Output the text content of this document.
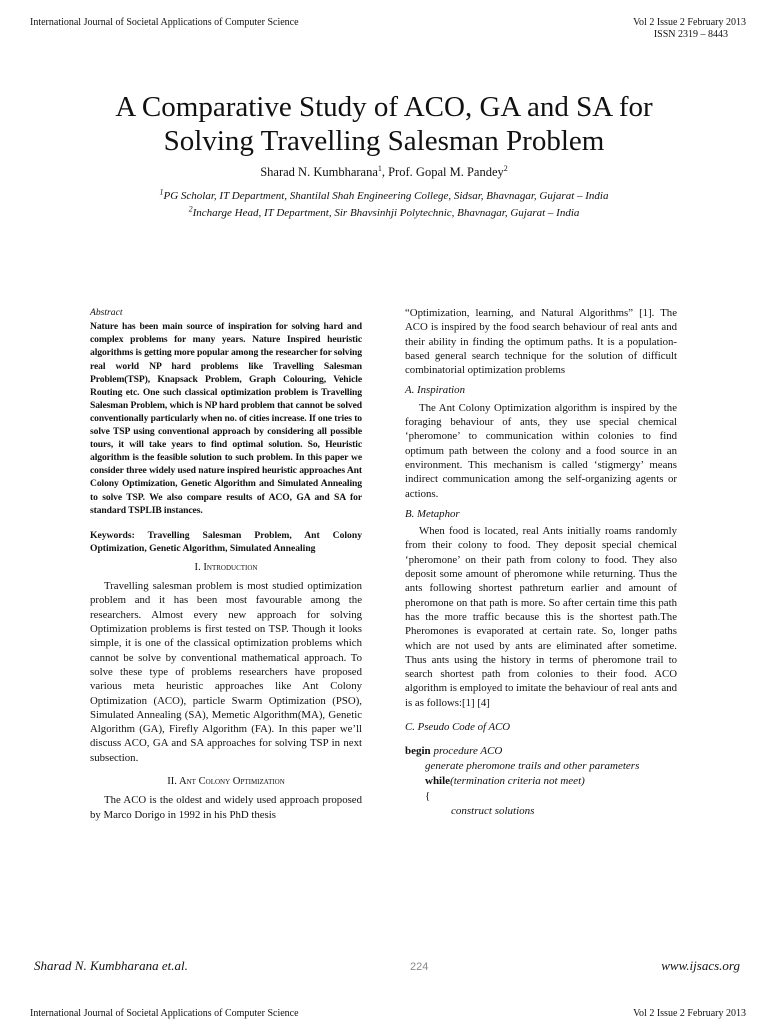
International Journal of Societal Applications of Computer Science	Vol 2 Issue 2 February 2013
ISSN 2319 – 8443
A Comparative Study of ACO, GA and SA for
Solving Travelling Salesman Problem
Sharad N. Kumbharana$^1$, Prof. Gopal M. Pandey$^2$
$^1$PG Scholar, IT Department, Shantilal Shah Engineering College, Sidsar, Bhavnagar, Gujarat – India
$^2$Incharge Head, IT Department, Sir Bhavsinhji Polytechnic, Bhavnagar, Gujarat – India
Abstract

Nature has been main source of inspiration for solving hard and complex problems for many years. Nature Inspired heuristic algorithms is getting more popular among the researcher for solving real world NP hard problems like Travelling Salesman Problem(TSP), Knapsack Problem, Graph Colouring, Vehicle Routing etc. One such classical optimization problem is Travelling Salesman Problem, which is NP hard problem that cannot be solved conventionally particularly when no. of cities increase. If one tries to solve TSP using conventional approach by considering all possible tours, it will take years to find optimal solution. So, Heuristic algorithm is the feasible solution to such problem. In this paper we consider three widely used nature inspired heuristic approaches Ant Colony Optimization, Genetic Algorithm and Simulated Annealing to solve TSP. We also compare results of ACO, GA and SA for standard TSPLIB instances.

Keywords: Travelling Salesman Problem, Ant Colony Optimization, Genetic Algorithm, Simulated Annealing

I. Introduction

Travelling salesman problem is most studied optimization problem and it has been most favourable among the researchers. Almost every new approach for solving Optimization problems is first tested on TSP. Though it looks simple, it is one of the classical optimization problems which cannot be solve by conventional mathematical approach. To solve these type of problems researchers have proposed various meta heuristic approaches like Ant Colony Optimization (ACO), particle Swarm Optimization (PSO), Simulated Annealing (SA), Memetic Algorithm(MA), Genetic Algorithm (GA), Firefly Algorithm (FA). In this paper we’ll discuss ACO, GA and SA approaches for solving TSP in next subsection.

II. Ant Colony Optimization

The ACO is the oldest and widely used approach proposed by Marco Dorigo in 1992 in his PhD thesis

“Optimization, learning, and Natural Algorithms” [1]. The ACO is inspired by the food search behaviour of real ants and their ability in finding the optimum paths. It is a population-based general search technique for the solution of difficult combinatorial optimization problems

A. Inspiration

The Ant Colony Optimization algorithm is inspired by the foraging behaviour of ants, they use special chemical ‘pheromone’ to communication within colonies to find optimum path between the colony and a food source in an environment. This mechanism is called ‘stigmergy’ means indirect communication among the self-organizing agents or actions.

B. Metaphor

When food is located, real Ants initially roams randomly from their colony to food. They deposit special chemical ‘pheromone’ on their path from colony to food. They also deposit some amount of pheromone while returning. Thus the ants following shortest pathreturn earlier and amount of pheromone on that path is more. So after certain time this path has the more traffic because this is the shortest path.The Pheromones is evaporated at certain rate. So, longer paths which are not used by ants are eliminated after sometime. Thus ants using the history in terms of pheromone trail to search shortest path from colonies to their food. ACO algorithm is employed to imitate the behaviour of real ants and is as follows:[1] [4]

C. Pseudo Code of ACO
begin procedure ACO
generate pheromone trails and other parameters
while(termination criteria not meet)
{
construct solutions
Sharad N. Kumbharana et.al.	224	www.ijsacs.org
International Journal of Societal Applications of Computer Science	Vol 2 Issue 2 February 2013
